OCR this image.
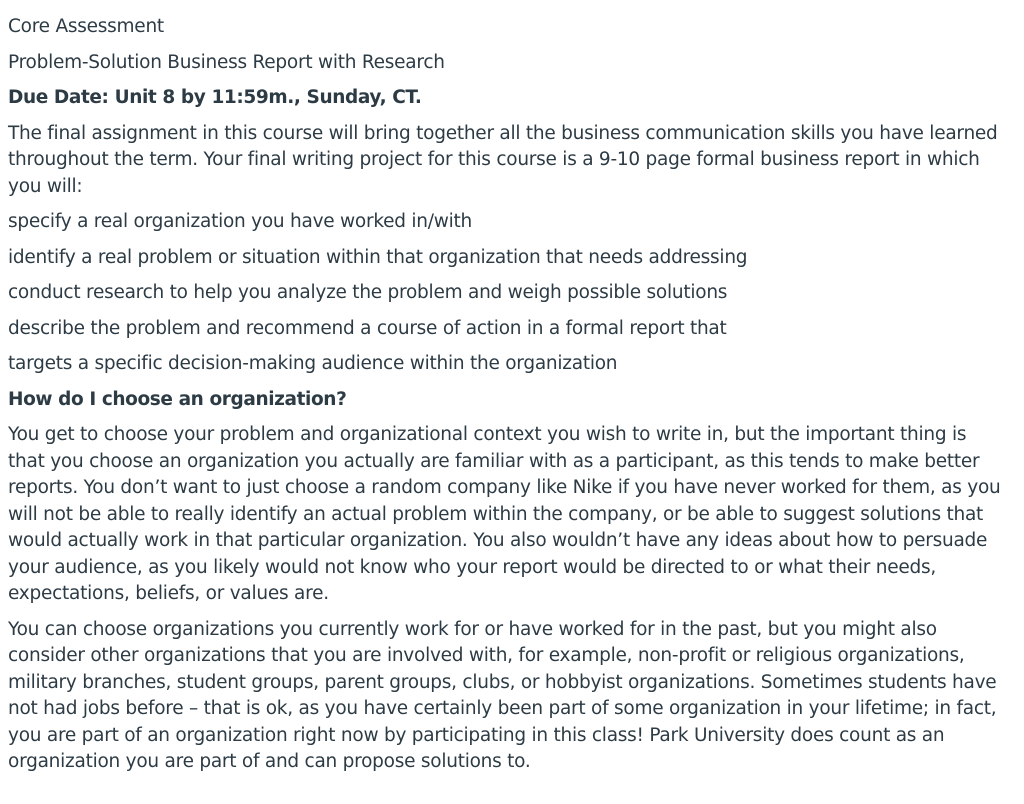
Core Assessment

Problem-Solution Business Report with Research

Due Date: Unit 8 by 11:59m., Sunday, CT.

The final assignment in this course will bring together all the business communication skills you have learned throughout the term. Your final writing project for this course is a 9-10 page formal business report in which you will:

specify a real organization you have worked in/with

identify a real problem or situation within that organization that needs addressing

conduct research to help you analyze the problem and weigh possible solutions

describe the problem and recommend a course of action in a formal report that

targets a specific decision-making audience within the organization

How do I choose an organization?

You get to choose your problem and organizational context you wish to write in, but the important thing is that you choose an organization you actually are familiar with as a participant, as this tends to make better reports. You don’t want to just choose a random company like Nike if you have never worked for them, as you will not be able to really identify an actual problem within the company, or be able to suggest solutions that would actually work in that particular organization. You also wouldn’t have any ideas about how to persuade your audience, as you likely would not know who your report would be directed to or what their needs, expectations, beliefs, or values are.

You can choose organizations you currently work for or have worked for in the past, but you might also consider other organizations that you are involved with, for example, non-profit or religious organizations, military branches, student groups, parent groups, clubs, or hobbyist organizations. Sometimes students have not had jobs before – that is ok, as you have certainly been part of some organization in your lifetime; in fact, you are part of an organization right now by participating in this class! Park University does count as an organization you are part of and can propose solutions to.
